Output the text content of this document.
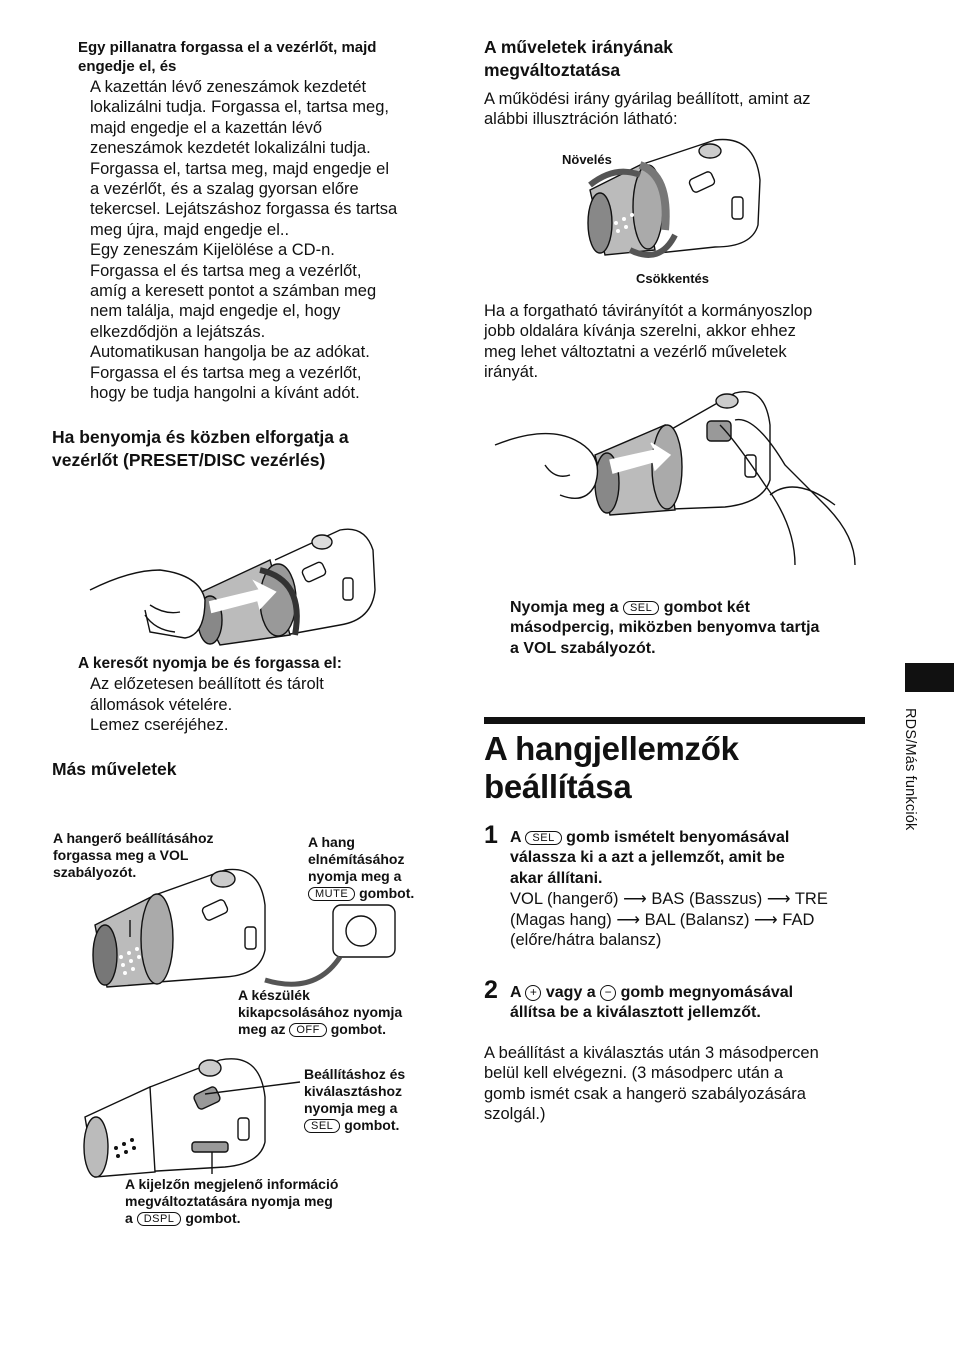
Egy pillanatra forgassa el a vezérlőt, majd engedje el, és

A kazettán lévő zeneszámok kezdetét

lokalizálni tudja. Forgassa el, tartsa meg,

majd engedje el a kazettán lévő

zeneszámok kezdetét lokalizálni tudja.

Forgassa el, tartsa meg, majd engedje el

a vezérlőt, és a szalag gyorsan előre

tekercsel. Lejátszáshoz forgassa és tartsa

meg újra, majd engedje el..

Egy zeneszám Kijelölése a CD-n.

Forgassa el és tartsa meg a vezérlőt,

amíg a keresett pontot a számban meg

nem találja, majd engedje el, hogy

elkezdődjön a lejátszás.

Automatikusan hangolja be az adókat.

Forgassa el és tartsa meg a vezérlőt,

hogy be tudja hangolni a kívánt adót.

Ha benyomja és közben elforgatja a

vezérlőt (PRESET/DISC vezérlés)

A keresőt nyomja be és forgassa el:

Az előzetesen beállított és tárolt

állomások vételére.

Lemez cseréjéhez.

Más műveletek

A hangerő beállításához
forgassa meg a VOL
szabályozót.
A hang
elnémításához
nyomja meg a
MUTE gombot.
A készülék
kikapcsolásához nyomja
meg az OFF gombot.
Beállításhoz és
kiválasztáshoz
nyomja meg a
SEL gombot.
A kijelzőn megjelenő információ
megváltoztatására nyomja meg
a DSPL gombot.

A műveletek irányának

megváltoztatása

A működési irány gyárilag beállított, amint az

alábbi illusztráción látható:

Növelés
Csökkentés

Ha a forgatható távirányítót a kormányoszlop

jobb oldalára kívánja szerelni, akkor ehhez

meg lehet változtatni a vezérlő műveletek

irányát.

Nyomja meg a SEL gombot két

másodpercig, miközben benyomva tartja

a VOL szabályozót.

A hangjellemzők
beállítása
1 A SEL gomb ismételt benyomásával

válassza ki a azt a jellemzőt, amit be

akar állítani.

VOL (hangerő) ⟶ BAS (Basszus) ⟶ TRE

(Magas hang) ⟶ BAL (Balansz) ⟶ FAD

(előre/hátra balansz)

2 A + vagy a − gomb megnyomásával

állítsa be a kiválasztott jellemzőt.

A beállítást a kiválasztás után 3 másodpercen

belül kell elvégezni. (3 másodperc után a

gomb ismét csak a hangerö szabályozására

szolgál.)

RDS/Más funkciók
